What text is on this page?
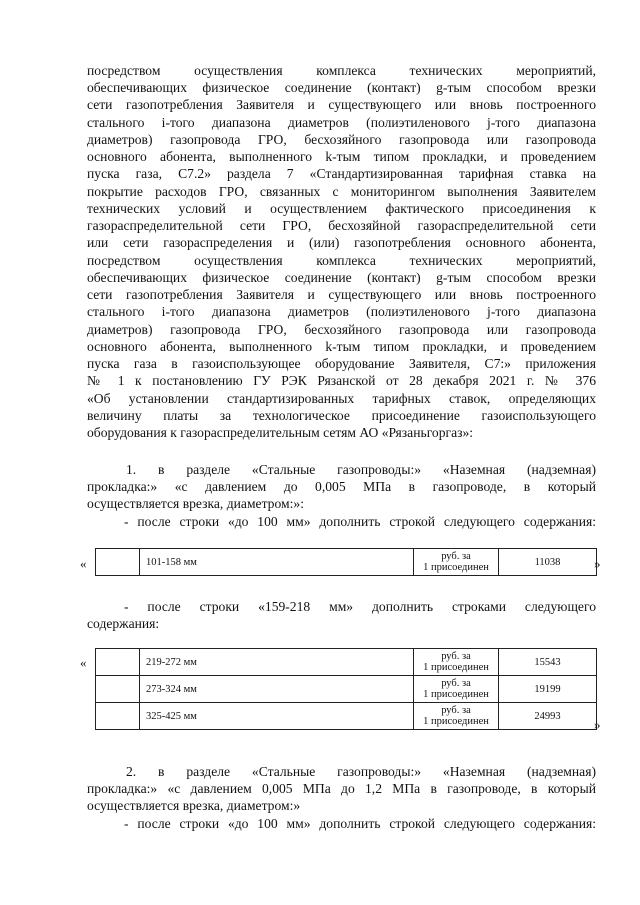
посредством осуществления комплекса технических мероприятий,

обеспечивающих физическое соединение (контакт) g-тым способом врезки

сети газопотребления Заявителя и существующего или вновь построенного

стального i-того диапазона диаметров (полиэтиленового j-того диапазона

диаметров) газопровода ГРО, бесхозяйного газопровода или газопровода

основного абонента, выполненного k-тым типом прокладки, и проведением

пуска газа, С7.2» раздела 7 «Стандартизированная тарифная ставка на

покрытие расходов ГРО, связанных с мониторингом выполнения Заявителем

технических условий и осуществлением фактического присоединения к

газораспределительной сети ГРО, бесхозяйной газораспределительной сети

или сети газораспределения и (или) газопотребления основного абонента,

посредством осуществления комплекса технических мероприятий,

обеспечивающих физическое соединение (контакт) g-тым способом врезки

сети газопотребления Заявителя и существующего или вновь построенного

стального i-того диапазона диаметров (полиэтиленового j-того диапазона

диаметров) газопровода ГРО, бесхозяйного газопровода или газопровода

основного абонента, выполненного k-тым типом прокладки, и проведением

пуска газа в газоиспользующее оборудование Заявителя, С7:» приложения

№ 1 к постановлению ГУ РЭК Рязанской от 28 декабря 2021 г. № 376

«Об установлении стандартизированных тарифных ставок, определяющих

величину платы за технологическое присоединение газоиспользующего

оборудования к газораспределительным сетям АО «Рязаньгоргаз»:

1. в разделе «Стальные газопроводы:» «Наземная (надземная)

прокладка:» «с давлением до 0,005 МПа в газопроводе, в который

осуществляется врезка, диаметром:»:

- после строки «до 100 мм» дополнить строкой следующего содержания:

«
		101-158 мм	руб. за
1 присоединен	11038	»

- после строки «159-218 мм» дополнить строками следующего

содержания:

«
		219-272 мм	руб. за
1 присоединен	15543
	273-324 мм	руб. за
1 присоединен	19199
	325-425 мм	руб. за
1 присоединен	24993
»

2. в разделе «Стальные газопроводы:» «Наземная (надземная)

прокладка:» «с давлением 0,005 МПа до 1,2 МПа в газопроводе, в который

осуществляется врезка, диаметром:»

- после строки «до 100 мм» дополнить строкой следующего содержания:
